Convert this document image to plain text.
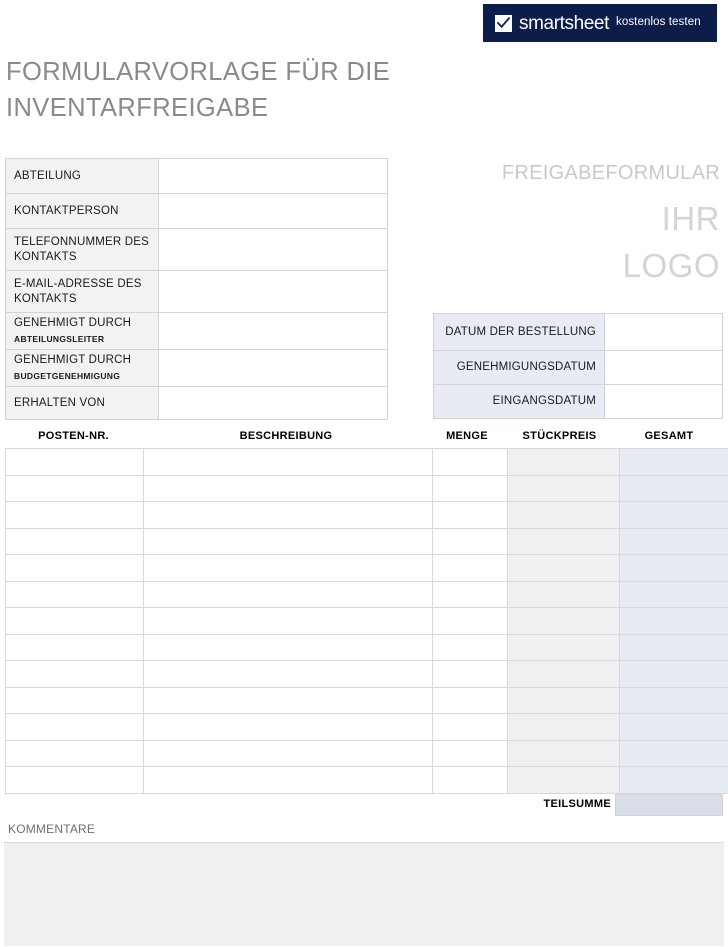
smartsheet kostenlos testen
FORMULARVORLAGE FÜR DIE INVENTARFREIGABE
ABTEILUNG	
KONTAKTPERSON	
TELEFONNUMMER DES KONTAKTS	
E-MAIL-ADRESSE DES KONTAKTS	
GENEHMIGT DURCH
ABTEILUNGSLEITER	

GENEHMIGT DURCH
BUDGETGENEHMIGUNG	

ERHALTEN VON	
FREIGABEFORMULAR
IHR
LOGO
DATUM DER BESTELLUNG	
GENEHMIGUNGSDATUM	
EINGANGSDATUM	
POSTEN-NR.	BESCHREIBUNG	MENGE	STÜCKPREIS	GESAMT

TEILSUMME
KOMMENTARE
